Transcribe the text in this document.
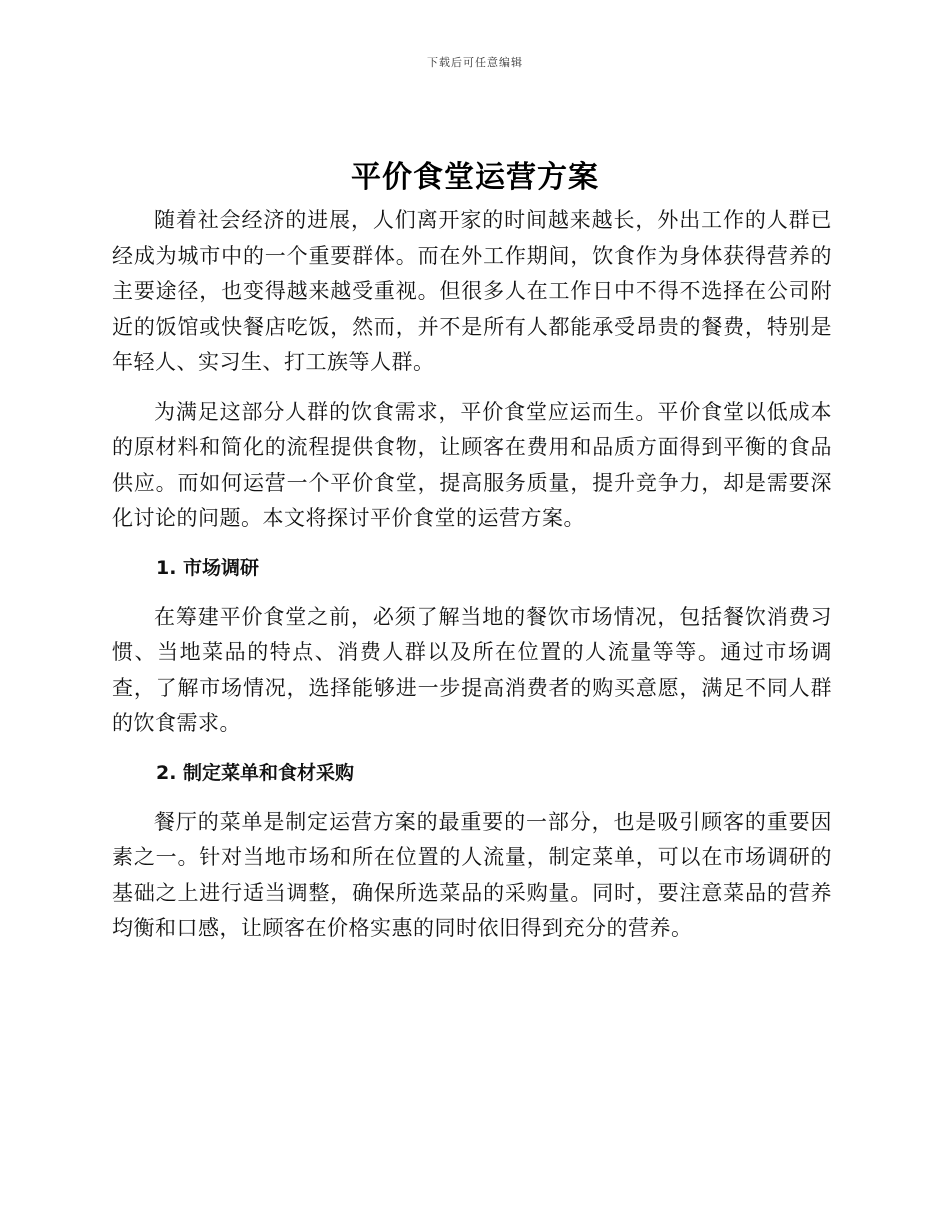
下载后可任意编辑
平价食堂运营方案

随着社会经济的进展，人们离开家的时间越来越长，外出工作的人群已经成为城市中的一个重要群体。而在外工作期间，饮食作为身体获得营养的主要途径，也变得越来越受重视。但很多人在工作日中不得不选择在公司附近的饭馆或快餐店吃饭，然而，并不是所有人都能承受昂贵的餐费，特别是年轻人、实习生、打工族等人群。

为满足这部分人群的饮食需求，平价食堂应运而生。平价食堂以低成本的原材料和简化的流程提供食物，让顾客在费用和品质方面得到平衡的食品供应。而如何运营一个平价食堂，提高服务质量，提升竞争力，却是需要深化讨论的问题。本文将探讨平价食堂的运营方案。

1. 市场调研

在筹建平价食堂之前，必须了解当地的餐饮市场情况，包括餐饮消费习惯、当地菜品的特点、消费人群以及所在位置的人流量等等。通过市场调查，了解市场情况，选择能够进一步提高消费者的购买意愿，满足不同人群的饮食需求。

2. 制定菜单和食材采购

餐厅的菜单是制定运营方案的最重要的一部分，也是吸引顾客的重要因素之一。针对当地市场和所在位置的人流量，制定菜单，可以在市场调研的基础之上进行适当调整，确保所选菜品的采购量。同时，要注意菜品的营养均衡和口感，让顾客在价格实惠的同时依旧得到充分的营养。
